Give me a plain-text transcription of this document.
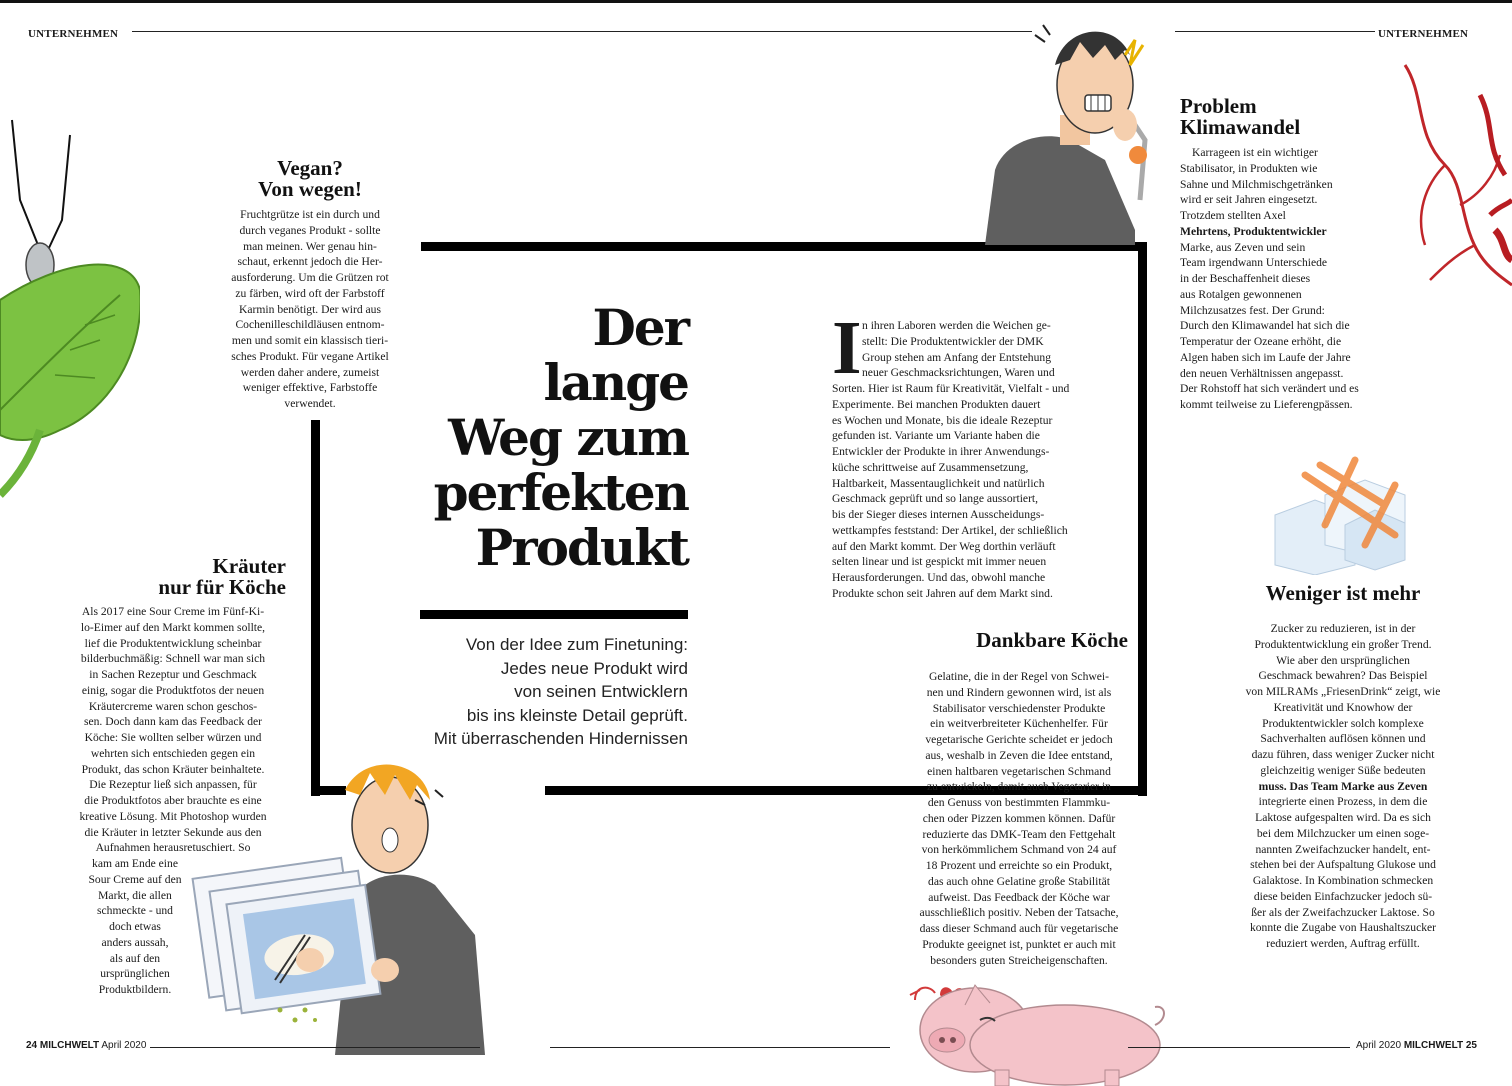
UNTERNEHMEN	UNTERNEHMEN
Der
lange
Weg zum
perfekten
Produkt
Von der Idee zum Finetuning:
Jedes neue Produkt wird
von seinen Entwicklern
bis ins kleinste Detail geprüft.
Mit überraschenden Hindernissen
I n ihren Laboren werden die Weichen ge-
stellt: Die Produktentwickler der DMK
Group stehen am Anfang der Entstehung
neuer Geschmacksrichtungen, Waren und
Sorten. Hier ist Raum für Kreativität, Vielfalt - und
Experimente. Bei manchen Produkten dauert
es Wochen und Monate, bis die ideale Rezeptur
gefunden ist. Variante um Variante haben die
Entwickler der Produkte in ihrer Anwendungs-
küche schrittweise auf Zusammensetzung,
Haltbarkeit, Massentauglichkeit und natürlich
Geschmack geprüft und so lange aussortiert,
bis der Sieger dieses internen Ausscheidungs-
wettkampfes feststand: Der Artikel, der schließlich
auf den Markt kommt. Der Weg dorthin verläuft
selten linear und ist gespickt mit immer neuen
Herausforderungen. Und das, obwohl manche
Produkte schon seit Jahren auf dem Markt sind.
Vegan?
Von wegen!
Fruchtgrütze ist ein durch und
durch veganes Produkt - sollte
man meinen. Wer genau hin-
schaut, erkennt jedoch die Her-
ausforderung. Um die Grützen rot
zu färben, wird oft der Farbstoff
Karmin benötigt. Der wird aus
Cochenilleschildläusen entnom-
men und somit ein klassisch tieri-
sches Produkt. Für vegane Artikel
werden daher andere, zumeist
weniger effektive, Farbstoffe
verwendet.
Kräuter
nur für Köche
Als 2017 eine Sour Creme im Fünf-Ki-
lo-Eimer auf den Markt kommen sollte,
lief die Produktentwicklung scheinbar
bilderbuchmäßig: Schnell war man sich
in Sachen Rezeptur und Geschmack
einig, sogar die Produktfotos der neuen
Kräutercreme waren schon geschos-
sen. Doch dann kam das Feedback der
Köche: Sie wollten selber würzen und
wehrten sich entschieden gegen ein
Produkt, das schon Kräuter beinhaltete.
Die Rezeptur ließ sich anpassen, für
die Produktfotos aber brauchte es eine
kreative Lösung. Mit Photoshop wurden
die Kräuter in letzter Sekunde aus den
Aufnahmen herausretuschiert. So
kam am Ende eine
Sour Creme auf den
Markt, die allen
schmeckte - und
doch etwas
anders aussah,
als auf den
ursprünglichen
Produktbildern.
Problem
Klimawandel
Karrageen ist ein wichtiger
Stabilisator, in Produkten wie
Sahne und Milchmischgetränken
wird er seit Jahren eingesetzt.
Trotzdem stellten Axel
Mehrtens, Produktentwickler
Marke, aus Zeven und sein
Team irgendwann Unterschiede
in der Beschaffenheit dieses
aus Rotalgen gewonnenen
Milchzusatzes fest. Der Grund:
Durch den Klimawandel hat sich die
Temperatur der Ozeane erhöht, die
Algen haben sich im Laufe der Jahre
den neuen Verhältnissen angepasst.
Der Rohstoff hat sich verändert und es
kommt teilweise zu Lieferengpässen.
Dankbare Köche
Gelatine, die in der Regel von Schwei-
nen und Rindern gewonnen wird, ist als
Stabilisator verschiedenster Produkte
ein weitverbreiteter Küchenhelfer. Für
vegetarische Gerichte scheidet er jedoch
aus, weshalb in Zeven die Idee entstand,
einen haltbaren vegetarischen Schmand
zu entwickeln, damit auch Vegetarier in
den Genuss von bestimmten Flammku-
chen oder Pizzen kommen können. Dafür
reduzierte das DMK-Team den Fettgehalt
von herkömmlichem Schmand von 24 auf
18 Prozent und erreichte so ein Produkt,
das auch ohne Gelatine große Stabilität
aufweist. Das Feedback der Köche war
ausschließlich positiv. Neben der Tatsache,
dass dieser Schmand auch für vegetarische
Produkte geeignet ist, punktet er auch mit
besonders guten Streicheigenschaften.
Weniger ist mehr
Zucker zu reduzieren, ist in der
Produktentwicklung ein großer Trend.
Wie aber den ursprünglichen
Geschmack bewahren? Das Beispiel
von MILRAMs „FriesenDrink“ zeigt, wie
Kreativität und Knowhow der
Produktentwickler solch komplexe
Sachverhalten auflösen können und
dazu führen, dass weniger Zucker nicht
gleichzeitig weniger Süße bedeuten
muss. Das Team Marke aus Zeven
integrierte einen Prozess, in dem die
Laktose aufgespalten wird. Da es sich
bei dem Milchzucker um einen soge-
nannten Zweifachzucker handelt, ent-
stehen bei der Aufspaltung Glukose und
Galaktose. In Kombination schmecken
diese beiden Einfachzucker jedoch sü-
ßer als der Zweifachzucker Laktose. So
konnte die Zugabe von Haushaltszucker
reduziert werden, Auftrag erfüllt.
24 MILCHWELT April 2020	April 2020 MILCHWELT 25
